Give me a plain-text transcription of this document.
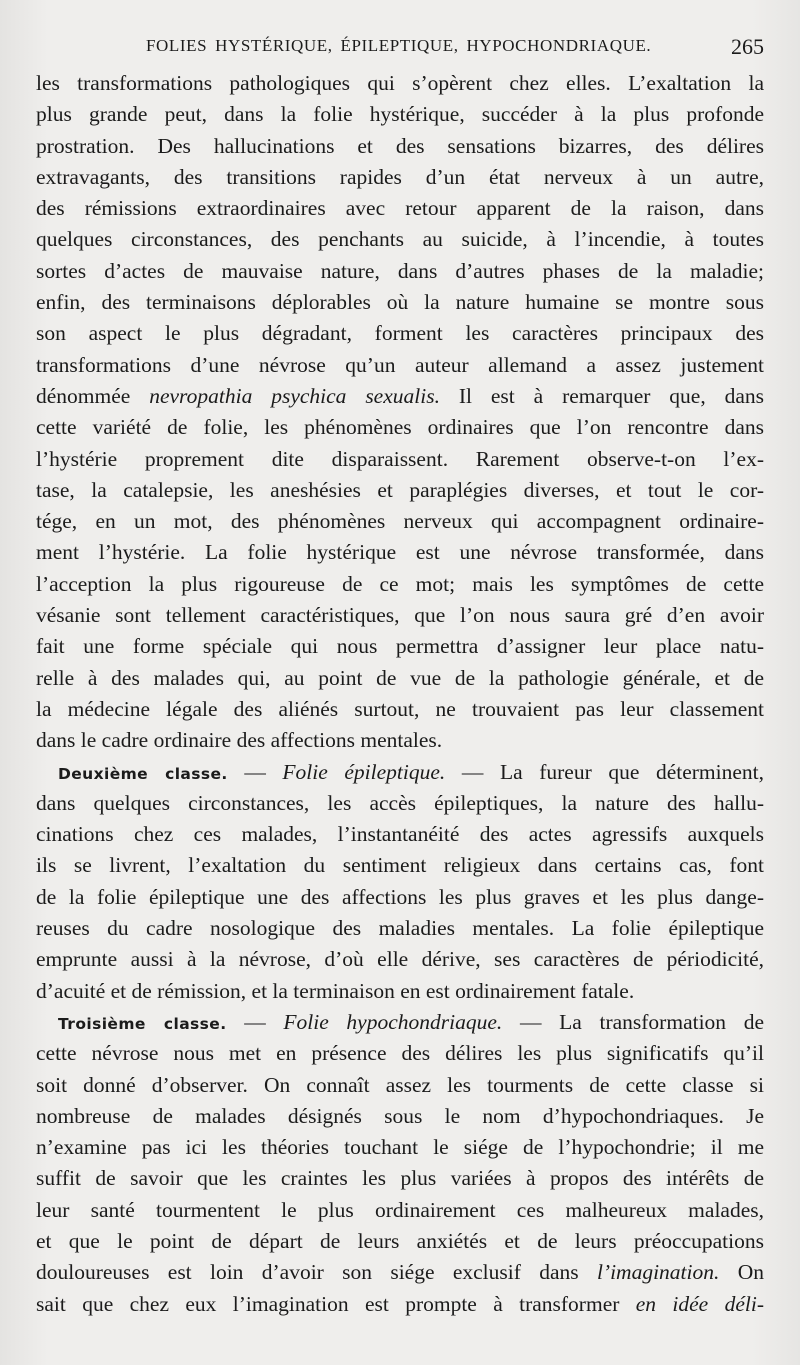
FOLIES HYSTÉRIQUE, ÉPILEPTIQUE, HYPOCHONDRIAQUE.	265
les transformations pathologiques qui s’opèrent chez elles. L’exaltation la
plus grande peut, dans la folie hystérique, succéder à la plus profonde
prostration. Des hallucinations et des sensations bizarres, des délires
extravagants, des transitions rapides d’un état nerveux à un autre,
des rémissions extraordinaires avec retour apparent de la raison, dans
quelques circonstances, des penchants au suicide, à l’incendie, à toutes
sortes d’actes de mauvaise nature, dans d’autres phases de la maladie;
enfin, des terminaisons déplorables où la nature humaine se montre sous
son aspect le plus dégradant, forment les caractères principaux des
transformations d’une névrose qu’un auteur allemand a assez justement
dénommée nevropathia psychica sexualis. Il est à remarquer que, dans
cette variété de folie, les phénomènes ordinaires que l’on rencontre dans
l’hystérie proprement dite disparaissent. Rarement observe-t-on l’ex-
tase, la catalepsie, les aneshésies et paraplégies diverses, et tout le cor-
tége, en un mot, des phénomènes nerveux qui accompagnent ordinaire-
ment l’hystérie. La folie hystérique est une névrose transformée, dans
l’acception la plus rigoureuse de ce mot; mais les symptômes de cette
vésanie sont tellement caractéristiques, que l’on nous saura gré d’en avoir
fait une forme spéciale qui nous permettra d’assigner leur place natu-
relle à des malades qui, au point de vue de la pathologie générale, et de
la médecine légale des aliénés surtout, ne trouvaient pas leur classement
dans le cadre ordinaire des affections mentales.
Deuxième classe. — Folie épileptique. — La fureur que déterminent,
dans quelques circonstances, les accès épileptiques, la nature des hallu-
cinations chez ces malades, l’instantanéité des actes agressifs auxquels
ils se livrent, l’exaltation du sentiment religieux dans certains cas, font
de la folie épileptique une des affections les plus graves et les plus dange-
reuses du cadre nosologique des maladies mentales. La folie épileptique
emprunte aussi à la névrose, d’où elle dérive, ses caractères de périodicité,
d’acuité et de rémission, et la terminaison en est ordinairement fatale.
Troisième classe. — Folie hypochondriaque. — La transformation de
cette névrose nous met en présence des délires les plus significatifs qu’il
soit donné d’observer. On connaît assez les tourments de cette classe si
nombreuse de malades désignés sous le nom d’hypochondriaques. Je
n’examine pas ici les théories touchant le siége de l’hypochondrie; il me
suffit de savoir que les craintes les plus variées à propos des intérêts de
leur santé tourmentent le plus ordinairement ces malheureux malades,
et que le point de départ de leurs anxiétés et de leurs préoccupations
douloureuses est loin d’avoir son siége exclusif dans l’imagination. On
sait que chez eux l’imagination est prompte à transformer en idée déli-
